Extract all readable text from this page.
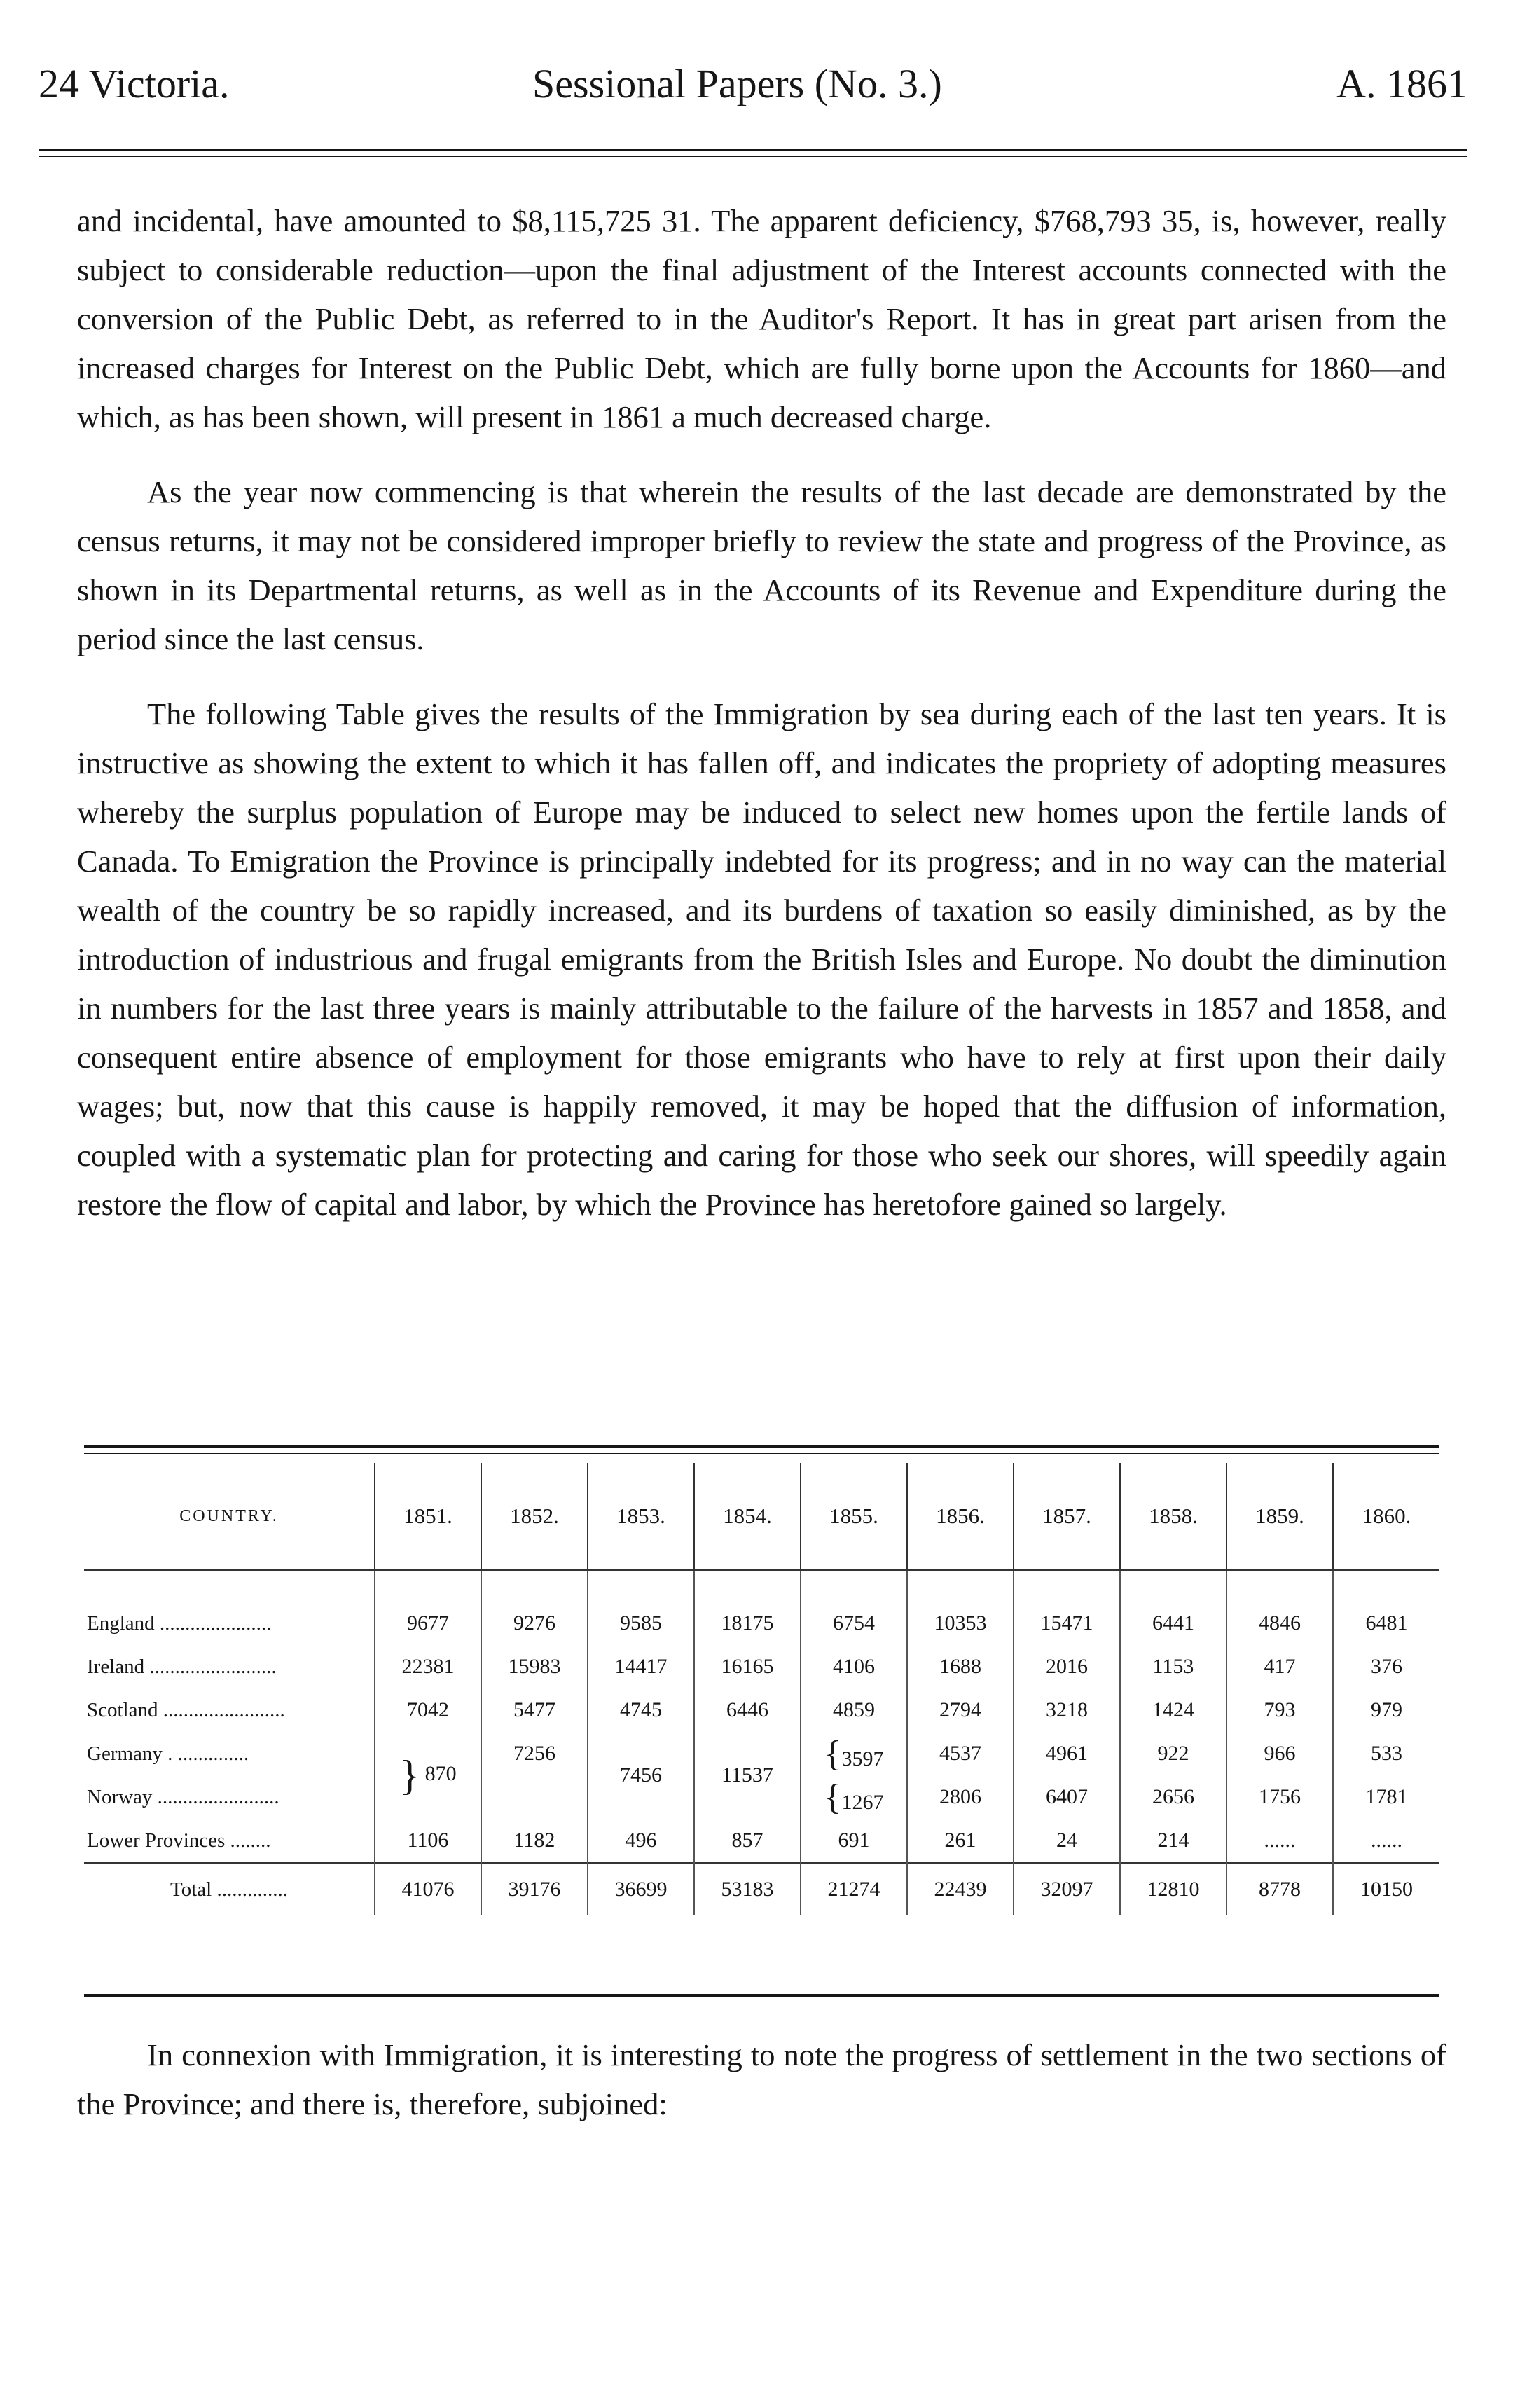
24 Victoria.	Sessional Papers (No. 3.)	A. 1861

and incidental, have amounted to $8,115,725 31. The apparent deficiency, $768,793 35, is, however, really subject to considerable reduction—upon the final adjustment of the Interest accounts connected with the conversion of the Public Debt, as referred to in the Auditor's Report. It has in great part arisen from the increased charges for Interest on the Public Debt, which are fully borne upon the Accounts for 1860—and which, as has been shown, will present in 1861 a much decreased charge.

As the year now commencing is that wherein the results of the last decade are demonstrated by the census returns, it may not be considered improper briefly to review the state and progress of the Province, as shown in its Departmental returns, as well as in the Accounts of its Revenue and Expenditure during the period since the last census.

The following Table gives the results of the Immigration by sea during each of the last ten years. It is instructive as showing the extent to which it has fallen off, and indicates the propriety of adopting measures whereby the surplus population of Europe may be induced to select new homes upon the fertile lands of Canada. To Emigration the Province is principally indebted for its progress; and in no way can the material wealth of the country be so rapidly increased, and its burdens of taxation so easily diminished, as by the introduction of industrious and frugal emigrants from the British Isles and Europe. No doubt the diminution in numbers for the last three years is mainly attributable to the failure of the harvests in 1857 and 1858, and consequent entire absence of employment for those emigrants who have to rely at first upon their daily wages; but, now that this cause is happily removed, it may be hoped that the diffusion of information, coupled with a systematic plan for protecting and caring for those who seek our shores, will speedily again restore the flow of capital and labor, by which the Province has heretofore gained so largely.

COUNTRY.	1851.	1852.	1853.	1854.	1855.	1856.	1857.	1858.	1859.	1860.
England ......................	9677	9276	9585	18175	6754	10353	15471	6441	4846	6481
Ireland .........................	22381	15983	14417	16165	4106	1688	2016	1153	417	376
Scotland ........................	7042	5477	4745	6446	4859	2794	3218	1424	793	979
Germany . ..............	} 870	7256	7456	11537	{3597	4537	4961	922	966	533
Norway ........................					{1267	2806	6407	2656	1756	1781
Lower Provinces ........	1106	1182	496	857	691	261	24	214	......	......
Total ..............	41076	39176	36699	53183	21274	22439	32097	12810	8778	10150

In connexion with Immigration, it is interesting to note the progress of settlement in the two sections of the Province; and there is, therefore, subjoined:
